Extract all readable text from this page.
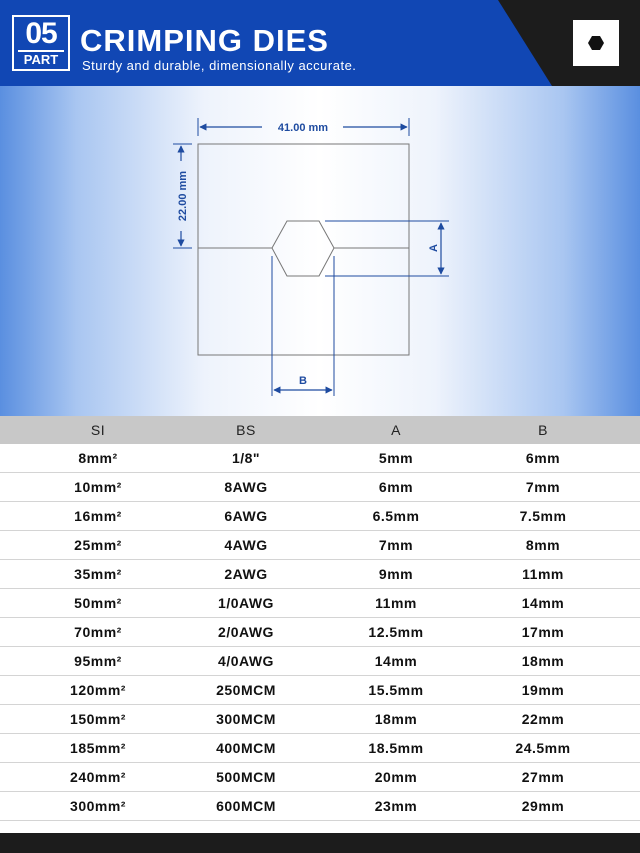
05
PART
CRIMPING DIES
Sturdy and durable, dimensionally accurate.
41.00 mm
22.00 mm
A
B
SI	BS	A	B
8mm²	1/8"	5mm	6mm
10mm²	8AWG	6mm	7mm
16mm²	6AWG	6.5mm	7.5mm
25mm²	4AWG	7mm	8mm
35mm²	2AWG	9mm	11mm
50mm²	1/0AWG	11mm	14mm
70mm²	2/0AWG	12.5mm	17mm
95mm²	4/0AWG	14mm	18mm
120mm²	250MCM	15.5mm	19mm
150mm²	300MCM	18mm	22mm
185mm²	400MCM	18.5mm	24.5mm
240mm²	500MCM	20mm	27mm
300mm²	600MCM	23mm	29mm
